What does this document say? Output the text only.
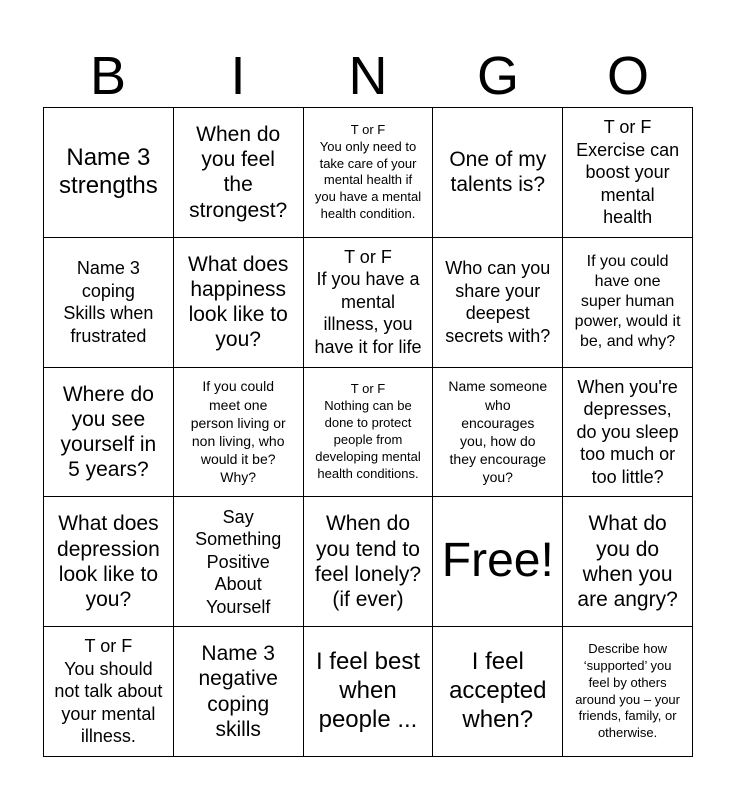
B	I	N	G	O
Name 3
strengths
When do
you feel
the
strongest?
T or F
You only need to
take care of your
mental health if
you have a mental
health condition.
One of my
talents is?
T or F
Exercise can
boost your
mental
health
Name 3
coping
Skills when
frustrated
What does
happiness
look like to
you?
T or F
If you have a
mental
illness, you
have it for life
Who can you
share your
deepest
secrets with?
If you could
have one
super human
power, would it
be, and why?
Where do
you see
yourself in
5 years?
If you could
meet one
person living or
non living, who
would it be?
Why?
T or F
Nothing can be
done to protect
people from
developing mental
health conditions.
Name someone
who
encourages
you, how do
they encourage
you?
When you're
depresses,
do you sleep
too much or
too little?
What does
depression
look like to
you?
Say
Something
Positive
About
Yourself
When do
you tend to
feel lonely?
(if ever)
Free!
What do
you do
when you
are angry?
T or F
You should
not talk about
your mental
illness.
Name 3
negative
coping
skills
I feel best
when
people ...
I feel
accepted
when?
Describe how
‘supported’ you
feel by others
around you – your
friends, family, or
otherwise.
